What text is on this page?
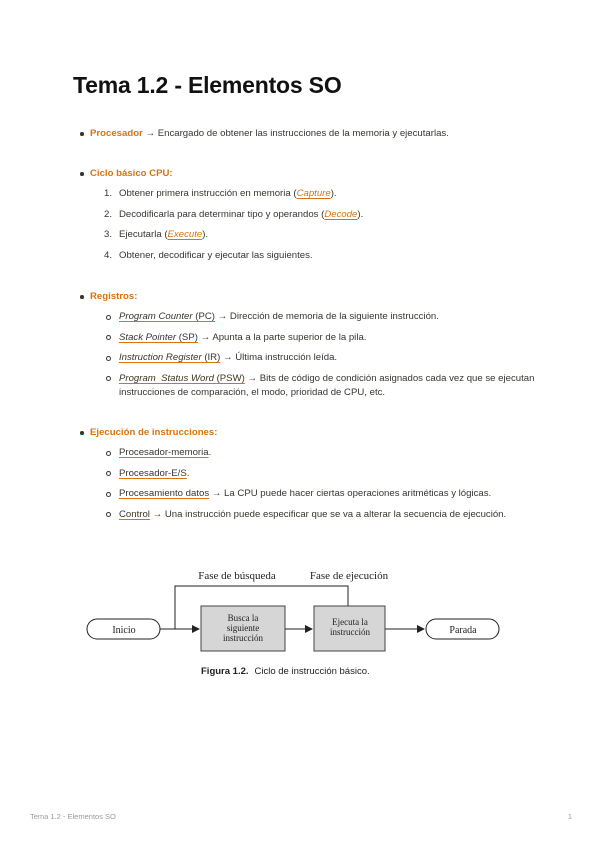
Tema 1.2 - Elementos SO
Procesador → Encargado de obtener las instrucciones de la memoria y ejecutarlas.
Ciclo básico CPU:
1. Obtener primera instrucción en memoria (Capture).
2. Decodificarla para determinar tipo y operandos (Decode).
3. Ejecutarla (Execute).
4. Obtener, decodificar y ejecutar las siguientes.
Registros:
Program Counter (PC) → Dirección de memoria de la siguiente instrucción.
Stack Pointer (SP) → Apunta a la parte superior de la pila.
Instruction Register (IR) → Última instrucción leída.
Program  Status Word (PSW) → Bits de código de condición asignados cada vez que se ejecutan instrucciones de comparación, el modo, prioridad de CPU, etc.
Ejecución de instrucciones:
Procesador-memoria.
Procesador-E/S.
Procesamiento datos → La CPU puede hacer ciertas operaciones aritméticas y lógicas.
Control → Una instrucción puede especificar que se va a alterar la secuencia de ejecución.
Fase de búsqueda	Fase de ejecución
Inicio
Busca la
siguiente
instrucción
Ejecuta la
instrucción	Parada
Figura 1.2. Ciclo de instrucción básico.
Tema 1.2 - Elementos SO	1
